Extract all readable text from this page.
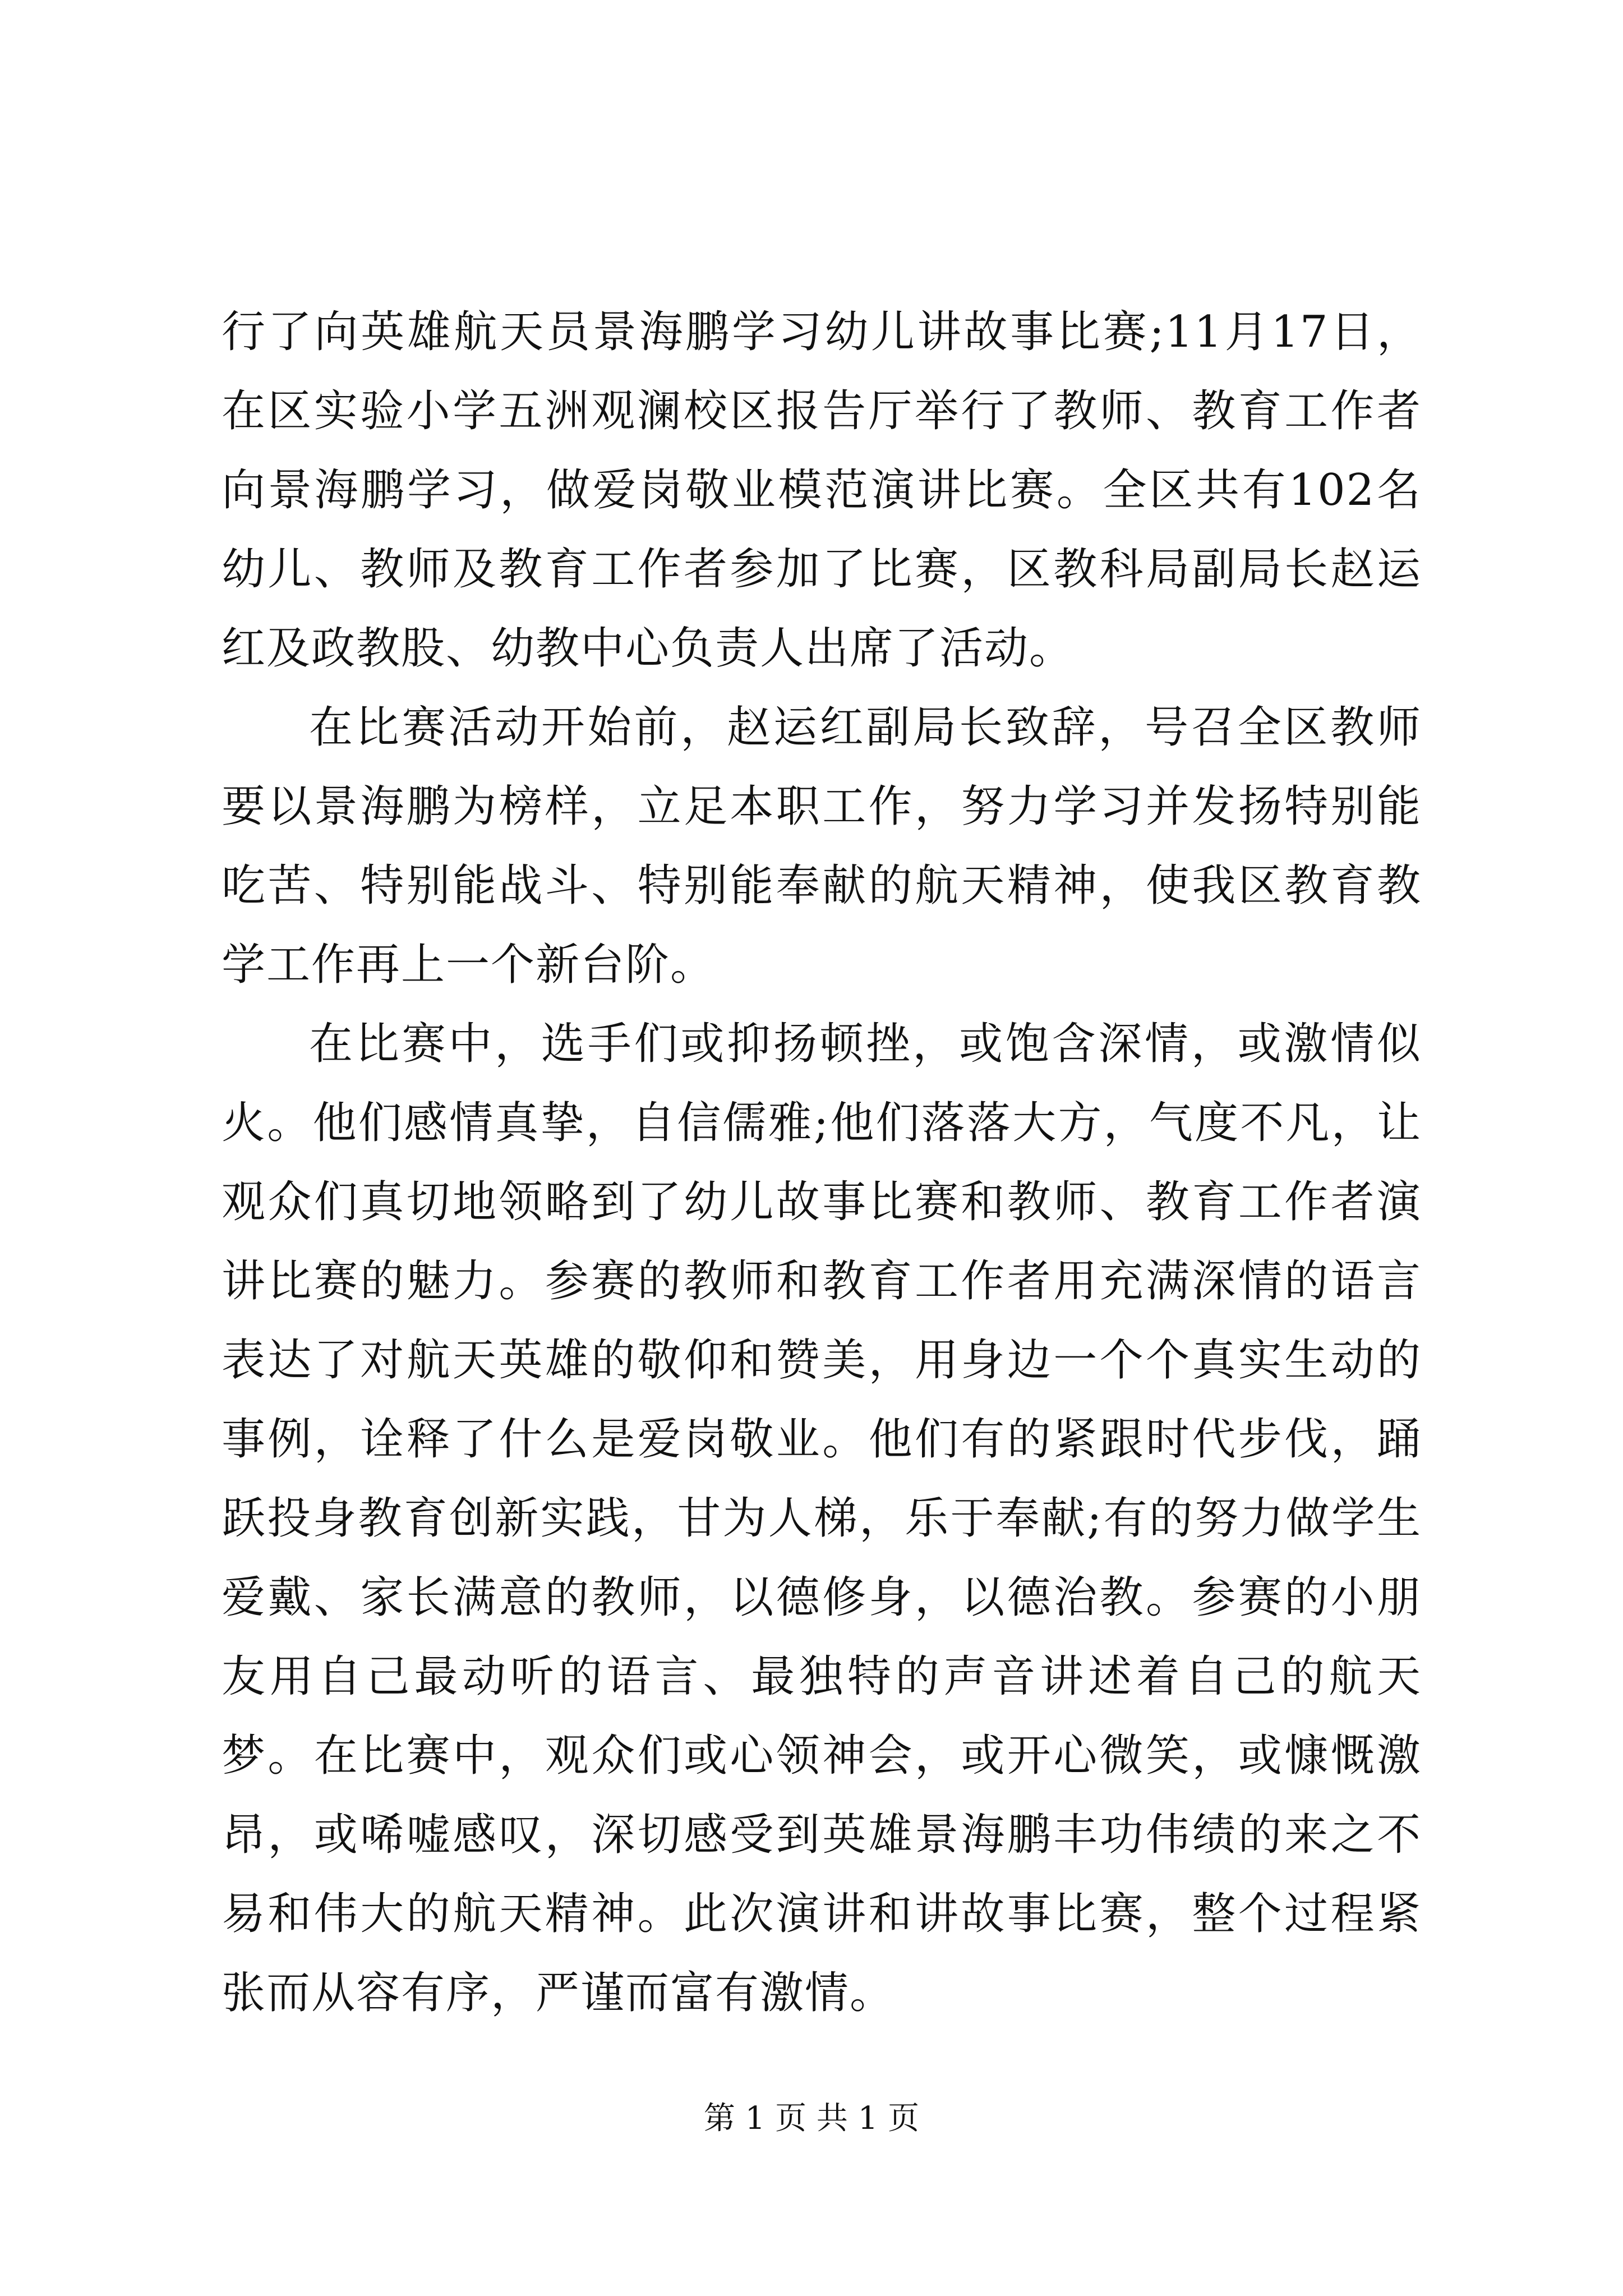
行了向英雄航天员景海鹏学习幼儿讲故事比赛;11月17日，在区实验小学五洲观澜校区报告厅举行了教师、教育工作者向景海鹏学习，做爱岗敬业模范演讲比赛。全区共有102名幼儿、教师及教育工作者参加了比赛，区教科局副局长赵运红及政教股、幼教中心负责人出席了活动。

在比赛活动开始前，赵运红副局长致辞，号召全区教师要以景海鹏为榜样，立足本职工作，努力学习并发扬特别能吃苦、特别能战斗、特别能奉献的航天精神，使我区教育教学工作再上一个新台阶。

在比赛中，选手们或抑扬顿挫，或饱含深情，或激情似火。他们感情真挚，自信儒雅;他们落落大方，气度不凡，让观众们真切地领略到了幼儿故事比赛和教师、教育工作者演讲比赛的魅力。参赛的教师和教育工作者用充满深情的语言表达了对航天英雄的敬仰和赞美，用身边一个个真实生动的事例，诠释了什么是爱岗敬业。他们有的紧跟时代步伐，踊跃投身教育创新实践，甘为人梯，乐于奉献;有的努力做学生爱戴、家长满意的教师，以德修身，以德治教。参赛的小朋友用自己最动听的语言、最独特的声音讲述着自己的航天梦。在比赛中，观众们或心领神会，或开心微笑，或慷慨激昂，或唏嘘感叹，深切感受到英雄景海鹏丰功伟绩的来之不易和伟大的航天精神。此次演讲和讲故事比赛，整个过程紧张而从容有序，严谨而富有激情。

第 1 页 共 1 页
